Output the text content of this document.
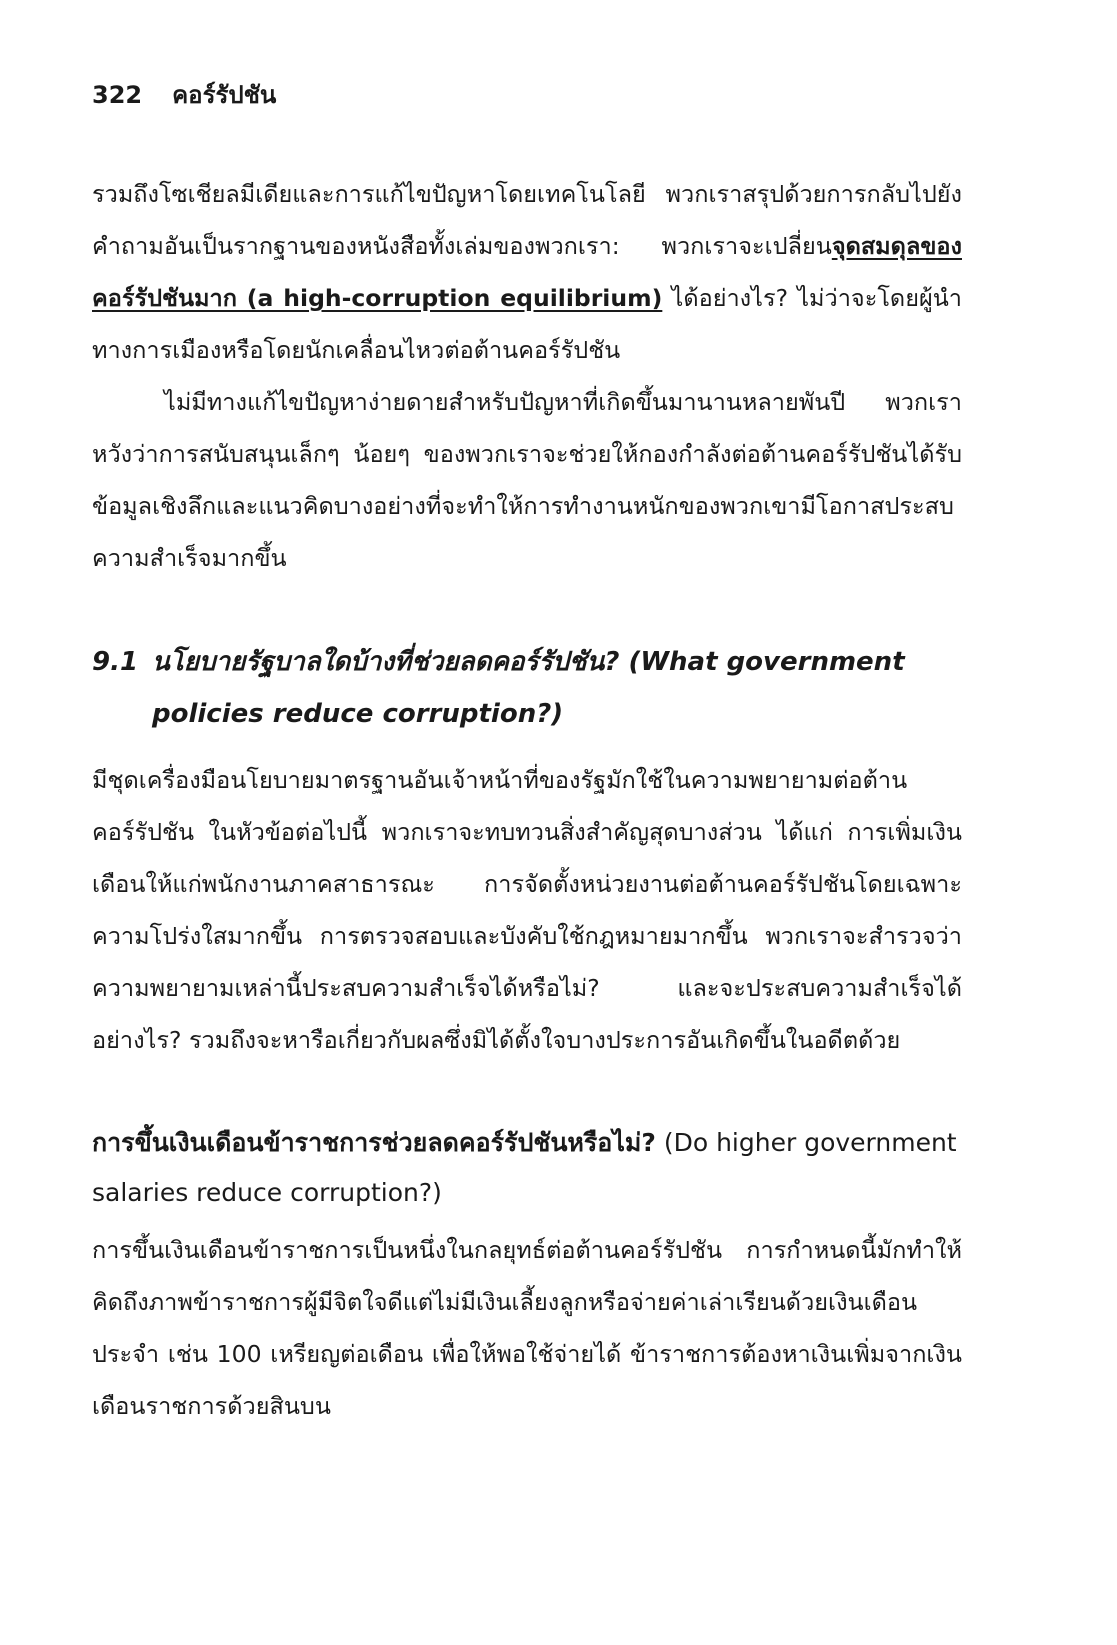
322 คอร์รัปชัน

รวมถึงโซเชียลมีเดียและการแก้ไขปัญหาโดยเทคโนโลยี พวกเราสรุปด้วยการกลับไปยังคำถามอันเป็นรากฐานของหนังสือทั้งเล่มของพวกเรา: พวกเราจะเปลี่ยนจุดสมดุลของคอร์รัปชันมาก (a high-corruption equilibrium) ได้อย่างไร? ไม่ว่าจะโดยผู้นำทางการเมืองหรือโดยนักเคลื่อนไหวต่อต้านคอร์รัปชัน

ไม่มีทางแก้ไขปัญหาง่ายดายสำหรับปัญหาที่เกิดขึ้นมานานหลายพันปี พวกเราหวังว่าการสนับสนุนเล็กๆ น้อยๆ ของพวกเราจะช่วยให้กองกำลังต่อต้านคอร์รัปชันได้รับข้อมูลเชิงลึกและแนวคิดบางอย่างที่จะทำให้การทำงานหนักของพวกเขามีโอกาสประสบความสำเร็จมากขึ้น

9.1 นโยบายรัฐบาลใดบ้างที่ช่วยลดคอร์รัปชัน? (What government policies reduce corruption?)

มีชุดเครื่องมือนโยบายมาตรฐานอันเจ้าหน้าที่ของรัฐมักใช้ในความพยายามต่อต้านคอร์รัปชัน ในหัวข้อต่อไปนี้ พวกเราจะทบทวนสิ่งสำคัญสุดบางส่วน ได้แก่ การเพิ่มเงินเดือนให้แก่พนักงานภาคสาธารณะ การจัดตั้งหน่วยงานต่อต้านคอร์รัปชันโดยเฉพาะ ความโปร่งใสมากขึ้น การตรวจสอบและบังคับใช้กฎหมายมากขึ้น พวกเราจะสำรวจว่าความพยายามเหล่านี้ประสบความสำเร็จได้หรือไม่? และจะประสบความสำเร็จได้อย่างไร? รวมถึงจะหารือเกี่ยวกับผลซึ่งมิได้ตั้งใจบางประการอันเกิดขึ้นในอดีตด้วย

การขึ้นเงินเดือนข้าราชการช่วยลดคอร์รัปชันหรือไม่? (Do higher government salaries reduce corruption?)

การขึ้นเงินเดือนข้าราชการเป็นหนึ่งในกลยุทธ์ต่อต้านคอร์รัปชัน การกำหนดนี้มักทำให้คิดถึงภาพข้าราชการผู้มีจิตใจดีแต่ไม่มีเงินเลี้ยงลูกหรือจ่ายค่าเล่าเรียนด้วยเงินเดือนประจำ เช่น 100 เหรียญต่อเดือน เพื่อให้พอใช้จ่ายได้ ข้าราชการต้องหาเงินเพิ่มจากเงินเดือนราชการด้วยสินบน
